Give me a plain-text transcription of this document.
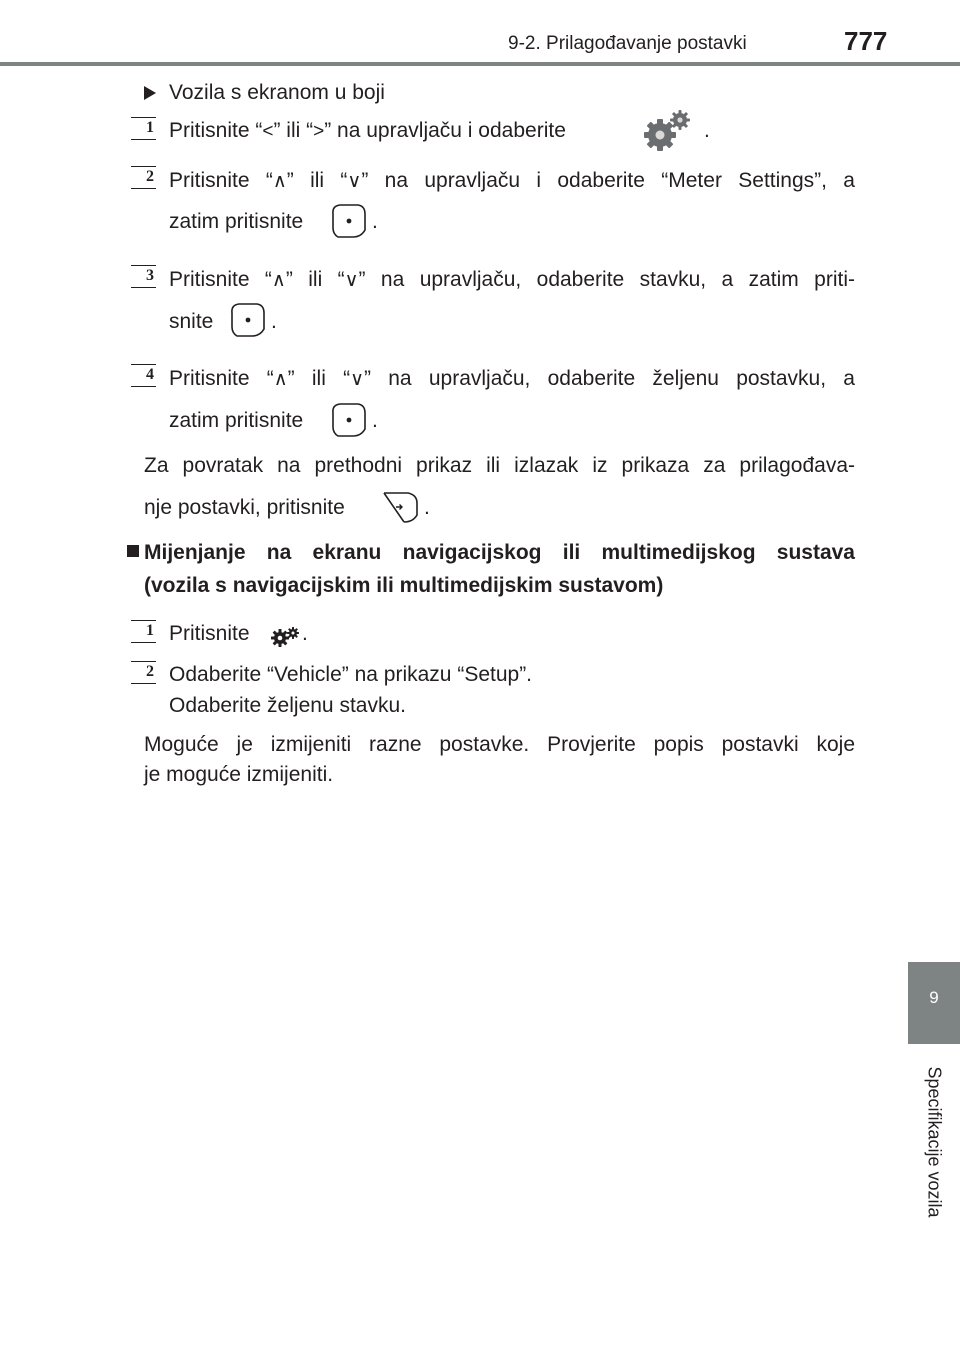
9-2. Prilagođavanje postavki	777
9
Specifikacije vozila
Vozila s ekranom u boji
1 Pritisnite “<” ili “>” na upravljaču i odaberite	.
2 Pritisnite “∧” ili “∨” na upravljaču i odaberite “Meter Settings”, a
zatim pritisnite	.
3 Pritisnite “∧” ili “∨” na upravljaču, odaberite stavku, a zatim priti-
snite	.
4 Pritisnite “∧” ili “∨” na upravljaču, odaberite željenu postavku, a
zatim pritisnite	.
Za povratak na prethodni prikaz ili izlazak iz prikaza za prilagođava-
nje postavki, pritisnite	.
Mijenjanje na ekranu navigacijskog ili multimedijskog sustava
(vozila s navigacijskim ili multimedijskim sustavom)
1 Pritisnite .
2 Odaberite “Vehicle” na prikazu “Setup”.
Odaberite željenu stavku.
Moguće je izmijeniti razne postavke. Provjerite popis postavki koje
je moguće izmijeniti.
